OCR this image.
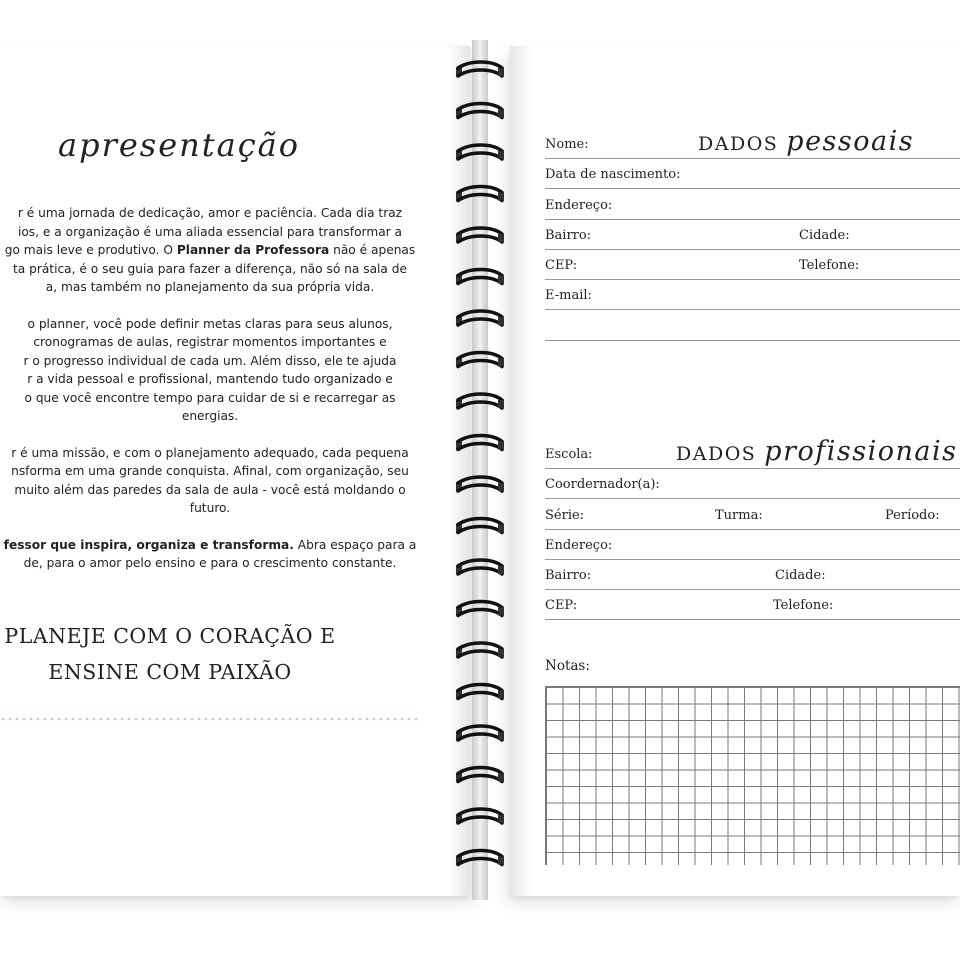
apresentação

r é uma jornada de dedicação, amor e paciência. Cada dia traz
ios, e a organização é uma aliada essencial para transformar a
go mais leve e produtivo. O Planner da Professora não é apenas
ta prática, é o seu guia para fazer a diferença, não só na sala de
a, mas também no planejamento da sua própria vida.

o planner, você pode definir metas claras para seus alunos,
cronogramas de aulas, registrar momentos importantes e
r o progresso individual de cada um. Além disso, ele te ajuda
r a vida pessoal e profissional, mantendo tudo organizado e
o que você encontre tempo para cuidar de si e recarregar as
energias.

r é uma missão, e com o planejamento adequado, cada pequena
nsforma em uma grande conquista. Afinal, com organização, seu
muito além das paredes da sala de aula - você está moldando o
futuro.

fessor que inspira, organiza e transforma. Abra espaço para a
de, para o amor pelo ensino e para o crescimento constante.

PLANEJE COM O CORAÇÃO E
ENSINE COM PAIXÃO
DADOS pessoais
Nome:
Data de nascimento:
Endereço:
Bairro:	Cidade:
CEP:	Telefone:
E-mail:
DADOS profissionais
Escola:
Coordernador(a):
Série:	Turma:	Período:
Endereço:
Bairro:	Cidade:
CEP:	Telefone:
Notas:
